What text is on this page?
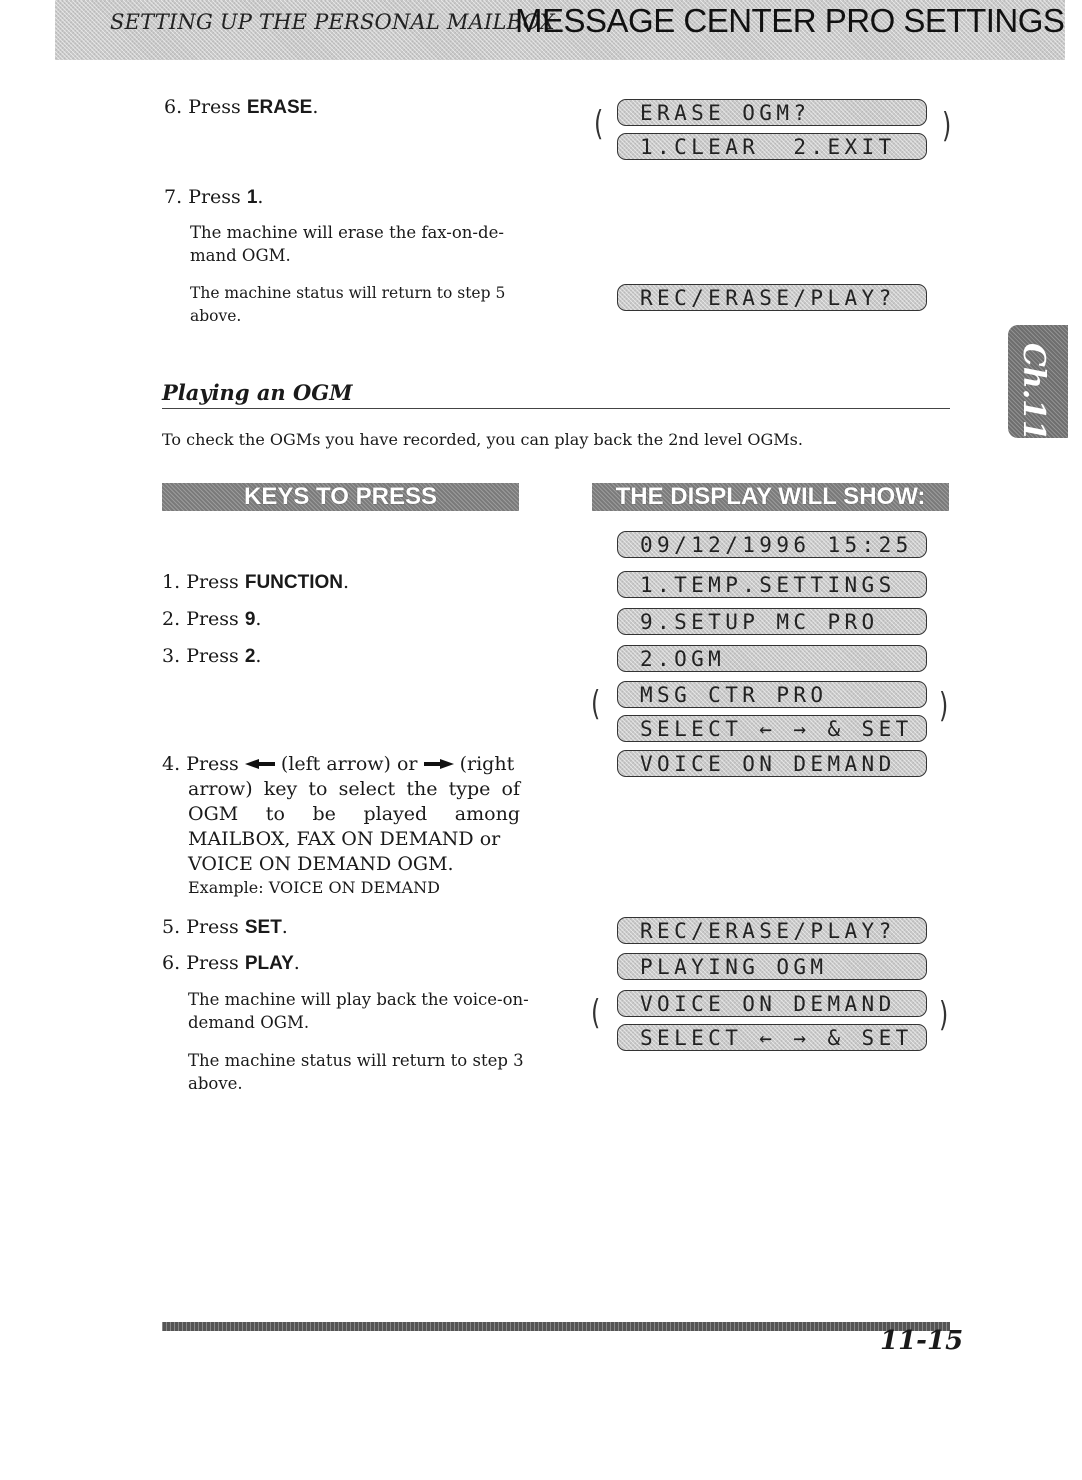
SETTING UP THE PERSONAL MAILBOX
MESSAGE CENTER PRO SETTINGS
Ch.11
6. Press ERASE.
7. Press 1.
The machine will erase the fax-on-de-
mand OGM.
The machine status will return to step 5
above.
(	)
ERASE OGM?
1.CLEAR  2.EXIT
REC/ERASE/PLAY?
Playing an OGM
To check the OGMs you have recorded, you can play back the 2nd level OGMs.
KEYS TO PRESS	THE DISPLAY WILL SHOW:
1. Press FUNCTION.
2. Press 9.
3. Press 2.
4. Press (left arrow) or (right
arrow) key to select the type of
OGM to be played among
MAILBOX, FAX ON DEMAND or
VOICE ON DEMAND OGM.
Example: VOICE ON DEMAND
5. Press SET.
6. Press PLAY.
The machine will play back the voice-on-
demand OGM.
The machine status will return to step 3
above.
09/12/1996 15:25
1.TEMP.SETTINGS
9.SETUP MC PRO
2.OGM
(	)
MSG CTR PRO
SELECT ← → & SET
VOICE ON DEMAND
REC/ERASE/PLAY?
PLAYING OGM
(	)
VOICE ON DEMAND
SELECT ← → & SET
11-15
